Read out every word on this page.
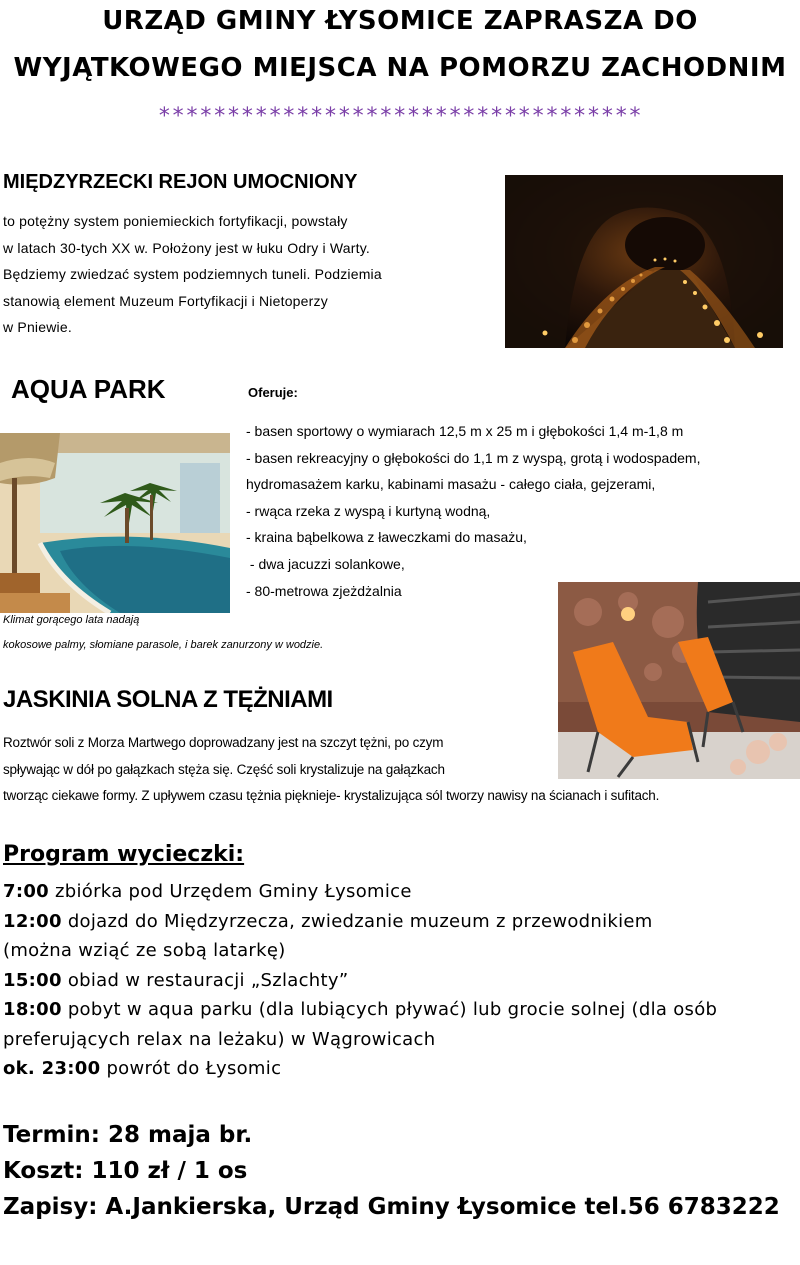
URZĄD GMINY ŁYSOMICE ZAPRASZA DO
WYJĄTKOWEGO MIEJSCA NA POMORZU ZACHODNIM
***********************************
MIĘDZYRZECKI REJON UMOCNIONY
to potężny system poniemieckich fortyfikacji, powstały
w latach 30-tych XX w. Położony jest w łuku Odry i Warty.
Będziemy zwiedzać system podziemnych tuneli. Podziemia
stanowią element Muzeum Fortyfikacji i Nietoperzy
w Pniewie.
AQUA PARK	Oferuje:
- basen sportowy o wymiarach 12,5 m x 25 m i głębokości 1,4 m-1,8 m
- basen rekreacyjny o głębokości do 1,1 m z wyspą, grotą i wodospadem,
hydromasażem karku, kabinami masażu - całego ciała, gejzerami,
- rwąca rzeka z wyspą i kurtyną wodną,
- kraina bąbelkowa z ławeczkami do masażu,
- dwa jacuzzi solankowe,
- 80-metrowa zjeżdżalnia
Klimat gorącego lata nadają
kokosowe palmy, słomiane parasole, i barek zanurzony w wodzie.
JASKINIA SOLNA Z TĘŻNIAMI
Roztwór soli z Morza Martwego doprowadzany jest na szczyt tężni, po czym
spływając w dół po gałązkach stęża się. Część soli krystalizuje na gałązkach
tworząc ciekawe formy. Z upływem czasu tężnia pięknieje- krystalizująca sól tworzy nawisy na ścianach i sufitach.
Program wycieczki:
7:00 zbiórka pod Urzędem Gminy Łysomice
12:00 dojazd do Międzyrzecza, zwiedzanie muzeum z przewodnikiem
(można wziąć ze sobą latarkę)
15:00 obiad w restauracji „Szlachty”
18:00 pobyt w aqua parku (dla lubiących pływać) lub grocie solnej (dla osób
preferujących relax na leżaku) w Wągrowicach
ok. 23:00 powrót do Łysomic
Termin: 28 maja br.
Koszt: 110 zł / 1 os
Zapisy: A.Jankierska, Urząd Gminy Łysomice tel.56 6783222
